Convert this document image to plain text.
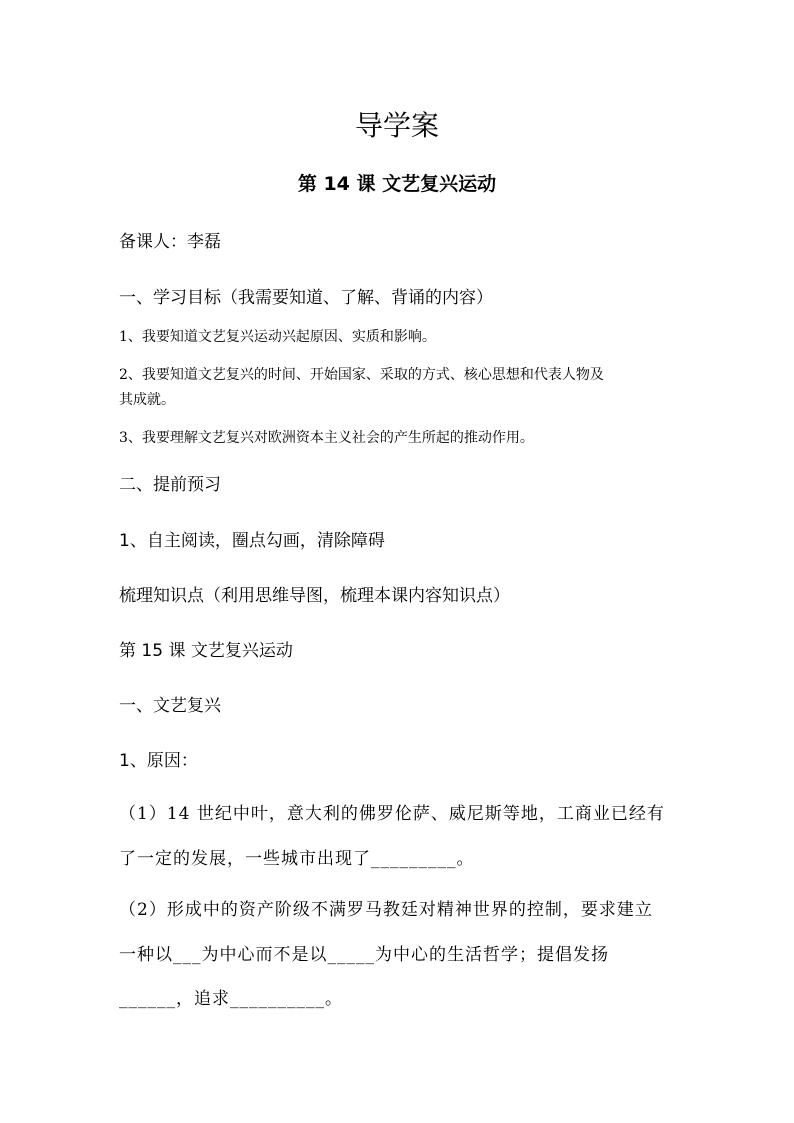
导学案
第 14 课 文艺复兴运动
备课人：李磊
一、学习目标（我需要知道、了解、背诵的内容）
1、我要知道文艺复兴运动兴起原因、实质和影响。
2、我要知道文艺复兴的时间、开始国家、采取的方式、核心思想和代表人物及
其成就。
3、我要理解文艺复兴对欧洲资本主义社会的产生所起的推动作用。
二、提前预习
1、自主阅读，圈点勾画，清除障碍
梳理知识点（利用思维导图，梳理本课内容知识点）
第 15 课 文艺复兴运动
一、文艺复兴
1、原因：
（1）14 世纪中叶，意大利的佛罗伦萨、威尼斯等地，工商业已经有
了一定的发展，一些城市出现了_________。
（2）形成中的资产阶级不满罗马教廷对精神世界的控制，要求建立
一种以___为中心而不是以_____为中心的生活哲学；提倡发扬
______，追求__________。
